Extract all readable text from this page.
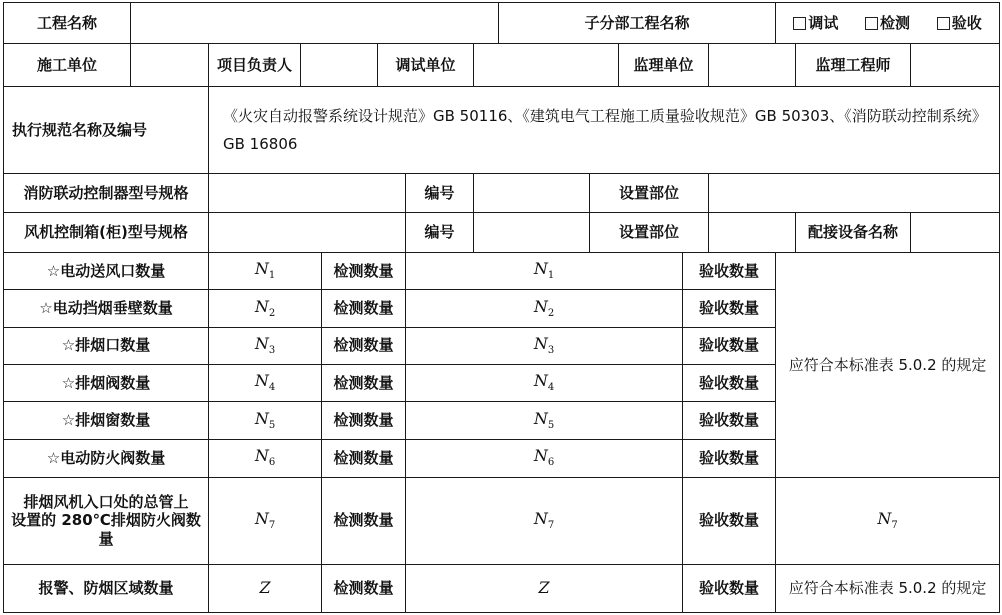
工程名称								子分部工程名称					调试 检测 验收		

施工单位		项目负责人			调试单位					监理单位				监理工程师	
执行规范名称及编号		《火灾自动报警系统设计规范》GB 50116、《建筑电气工程施工质量验收规范》GB 50303、《消防联动控制系统》GB 16806													
消防联动控制器型号规格						编号			设置部位						
风机控制箱(柜)型号规格						编号			设置部位					配接设备名称	
☆电动送风口数量		$N_1$		检测数量		$N_1$					验收数量		应符合本标准表 5.0.2 的规定		
☆电动挡烟垂壁数量		$N_2$		检测数量		$N_2$					验收数量				
☆排烟口数量		$N_3$		检测数量		$N_3$					验收数量				
☆排烟阀数量		$N_4$		检测数量		$N_4$					验收数量				
☆排烟窗数量		$N_5$		检测数量		$N_5$					验收数量				
☆电动防火阀数量		$N_6$		检测数量		$N_6$					验收数量				
排烟风机入口处的总管上
设置的 280℃排烟防火阀数量		$N_7$		检测数量		$N_7$					验收数量		$N_7$
报警、防烟区域数量		Z		检测数量		Z					验收数量		应符合本标准表 5.0.2 的规定		
